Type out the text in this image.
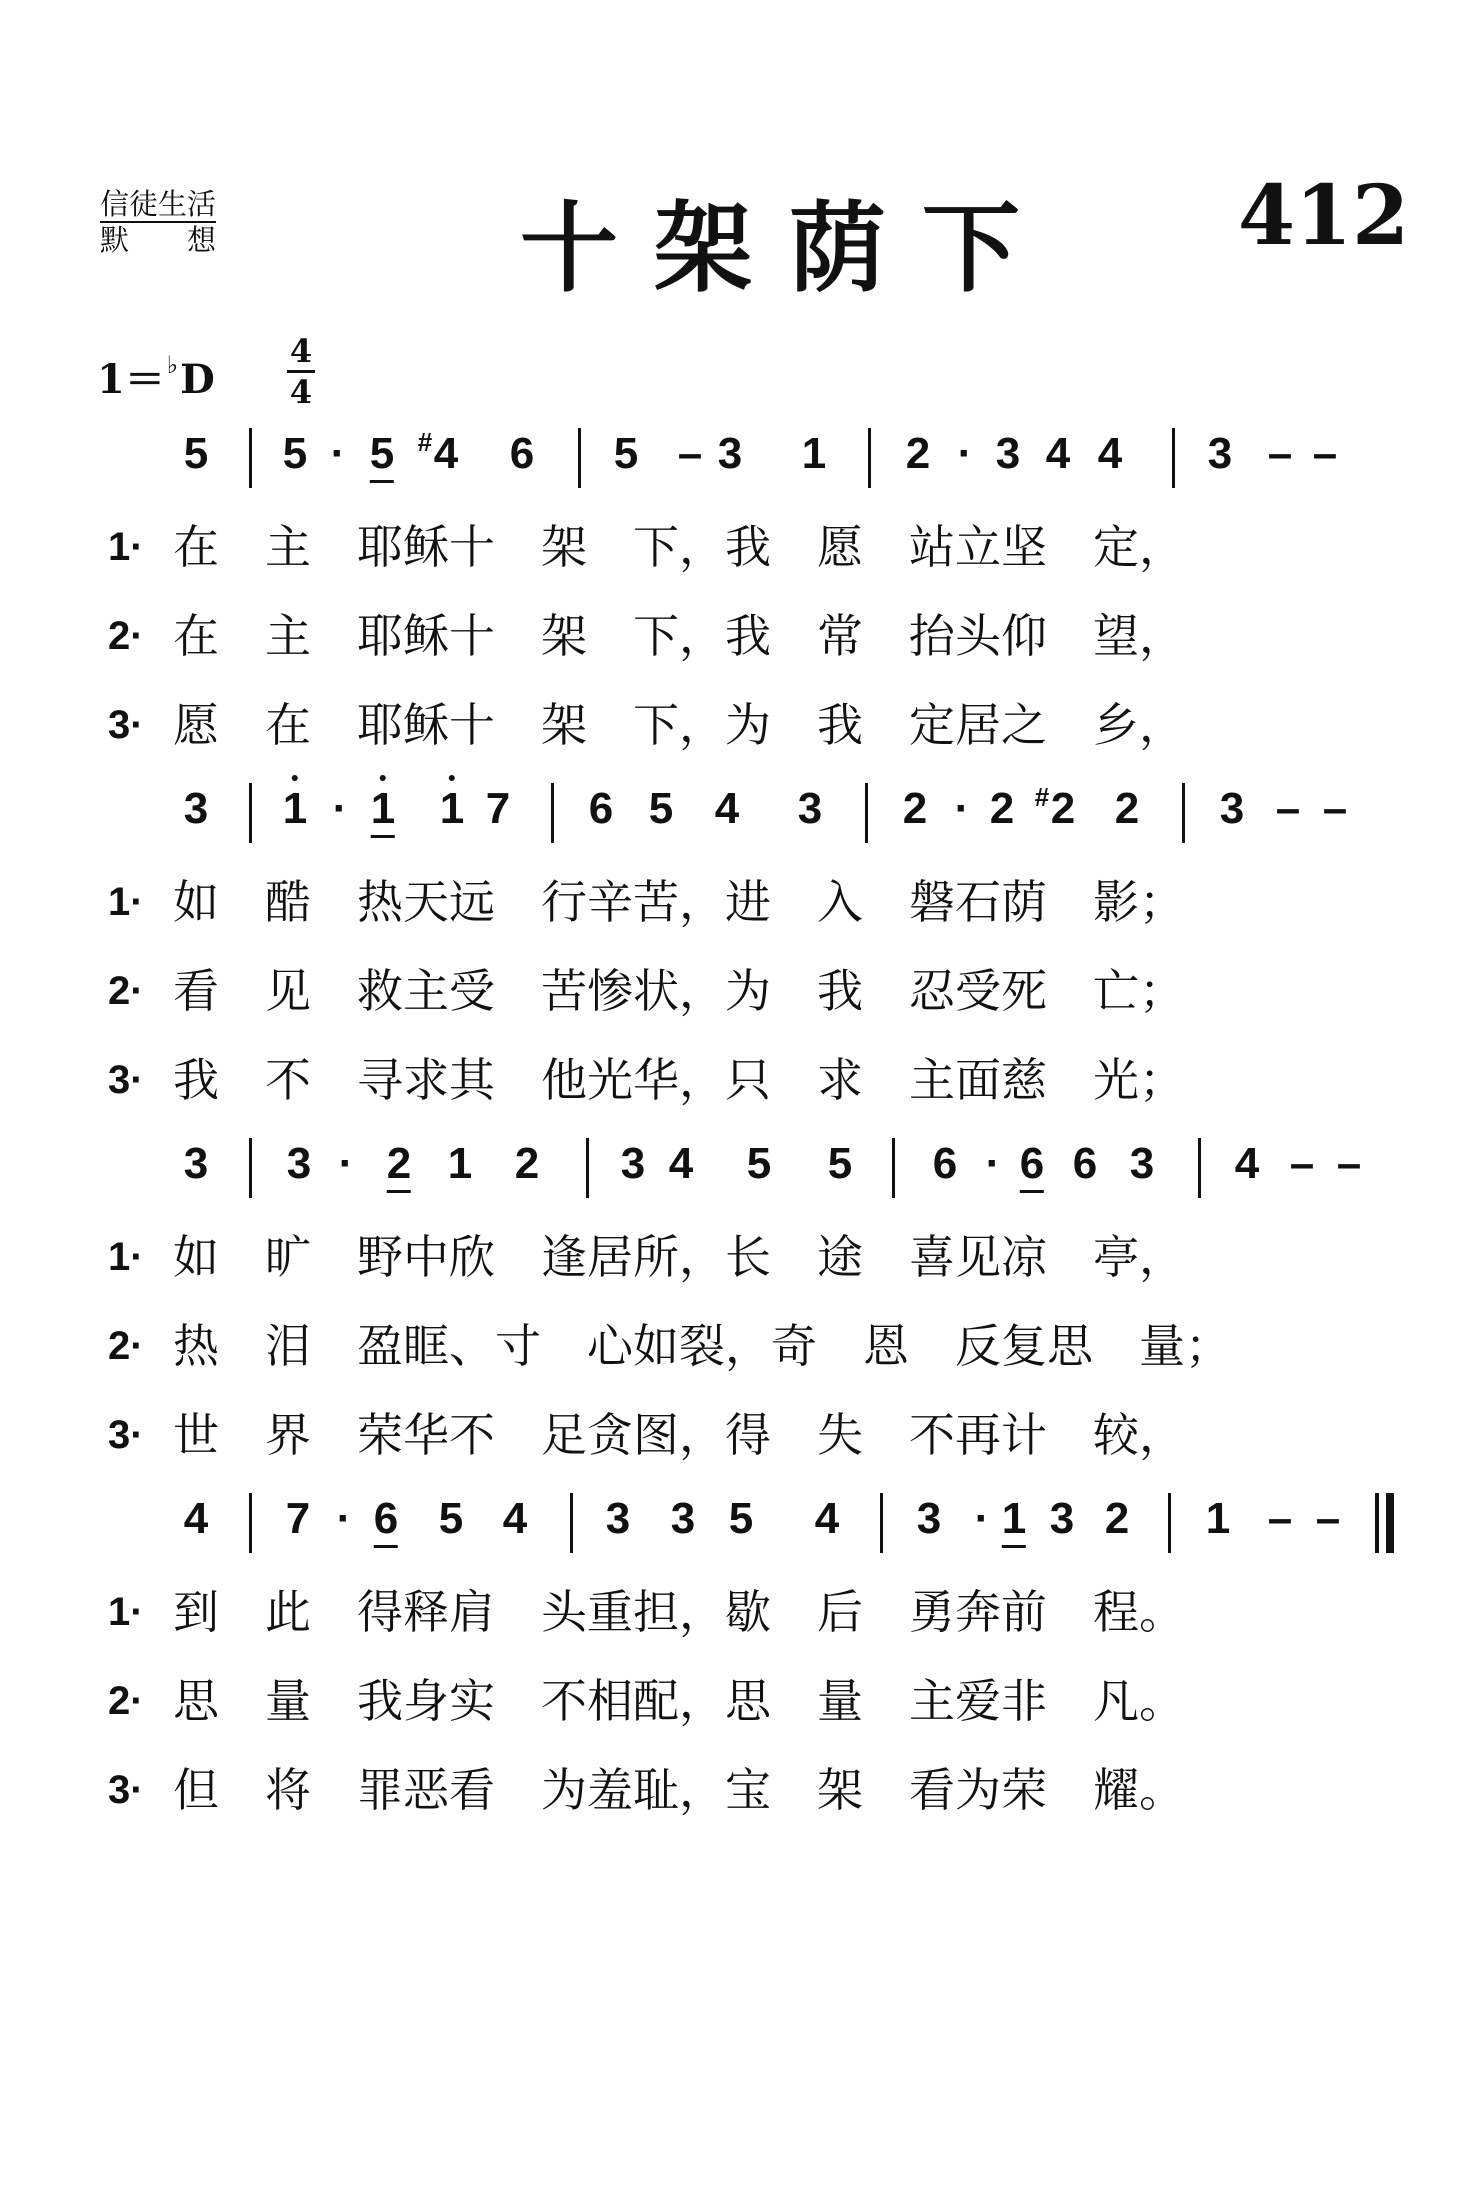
信徒生活
默　　想	十架荫下 412
1＝♭D
4
4
5 5 · 5 4
# 6 5 – 3 1 2 · 3 4 4 3 – –
1· 在　主　耶稣十　架　下，我　愿　站立坚　定，
2· 在　主　耶稣十　架　下，我　常　抬头仰　望，
3· 愿　在　耶稣十　架　下，为　我　定居之　乡，
3 1 · 1 1 7 6 5 4 3 2 · 2 2
# 2 3 – –
1· 如　酷　热天远　行辛苦，进　入　磐石荫　影；
2· 看　见　救主受　苦惨状，为　我　忍受死　亡；
3· 我　不　寻求其　他光华，只　求　主面慈　光；
3 3 · 2 1 2 3 4 5 5 6 · 6 6 3 4 – –
1· 如　旷　野中欣　逢居所，长　途　喜见凉　亭，
2· 热　泪　盈眶、寸　心如裂，奇　恩　反复思　量；
3· 世　界　荣华不　足贪图，得　失　不再计　较，
4 7 · 6 5 4 3 3 5 4 3 · 1 3 2 1 – –
1· 到　此　得释肩　头重担，歇　后　勇奔前　程。
2· 思　量　我身实　不相配，思　量　主爱非　凡。
3· 但　将　罪恶看　为羞耻，宝　架　看为荣　耀。
